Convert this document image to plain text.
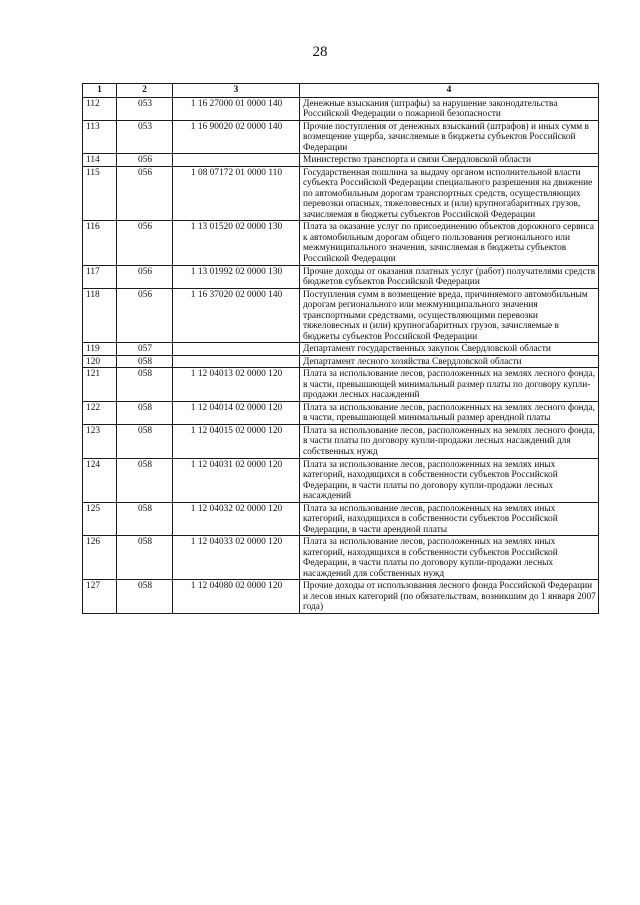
28
1	2	3	4
112	053	1 16 27000 01 0000 140	Денежные взыскания (штрафы) за нарушение законодательства Российской Федерации о пожарной безопасности
113	053	1 16 90020 02 0000 140	Прочие поступления от денежных взысканий (штрафов) и иных сумм в возмещение ущерба, зачисляемые в бюджеты субъектов Российской Федерации
114	056		Министерство транспорта и связи Свердловской области
115	056	1 08 07172 01 0000 110	Государственная пошлина за выдачу органом исполнительной власти субъекта Российской Федерации специального разрешения на движение по автомобильным дорогам транспортных средств, осуществляющих перевозки опасных, тяжеловесных и (или) крупногабаритных грузов, зачисляемая в бюджеты субъектов Российской Федерации
116	056	1 13 01520 02 0000 130	Плата за оказание услуг по присоединению объектов дорожного сервиса к автомобильным дорогам общего пользования регионального или межмуниципального значения, зачисляемая в бюджеты субъектов Российской Федерации
117	056	1 13 01992 02 0000 130	Прочие доходы от оказания платных услуг (работ) получателями средств бюджетов субъектов Российской Федерации
118	056	1 16 37020 02 0000 140	Поступления сумм в возмещение вреда, причиняемого автомобильным дорогам регионального или межмуниципального значения транспортными средствами, осуществляющими перевозки тяжеловесных и (или) крупногабаритных грузов, зачисляемые в бюджеты субъектов Российской Федерации
119	057		Департамент государственных закупок Свердловской области
120	058		Департамент лесного хозяйства Свердловской области
121	058	1 12 04013 02 0000 120	Плата за использование лесов, расположенных на землях лесного фонда, в части, превышающей минимальный размер платы по договору купли-продажи лесных насаждений
122	058	1 12 04014 02 0000 120	Плата за использование лесов, расположенных на землях лесного фонда, в части, превышающей минимальный размер арендной платы
123	058	1 12 04015 02 0000 120	Плата за использование лесов, расположенных на землях лесного фонда, в части платы по договору купли-продажи лесных насаждений для собственных нужд
124	058	1 12 04031 02 0000 120	Плата за использование лесов, расположенных на землях иных категорий, находящихся в собственности субъектов Российской Федерации, в части платы по договору купли-продажи лесных насаждений
125	058	1 12 04032 02 0000 120	Плата за использование лесов, расположенных на землях иных категорий, находящихся в собственности субъектов Российской Федерации, в части арендной платы
126	058	1 12 04033 02 0000 120	Плата за использование лесов, расположенных на землях иных категорий, находящихся в собственности субъектов Российской Федерации, в части платы по договору купли-продажи лесных насаждений для собственных нужд
127	058	1 12 04080 02 0000 120	Прочие доходы от использования лесного фонда Российской Федерации и лесов иных категорий (по обязательствам, возникшим до 1 января 2007 года)
